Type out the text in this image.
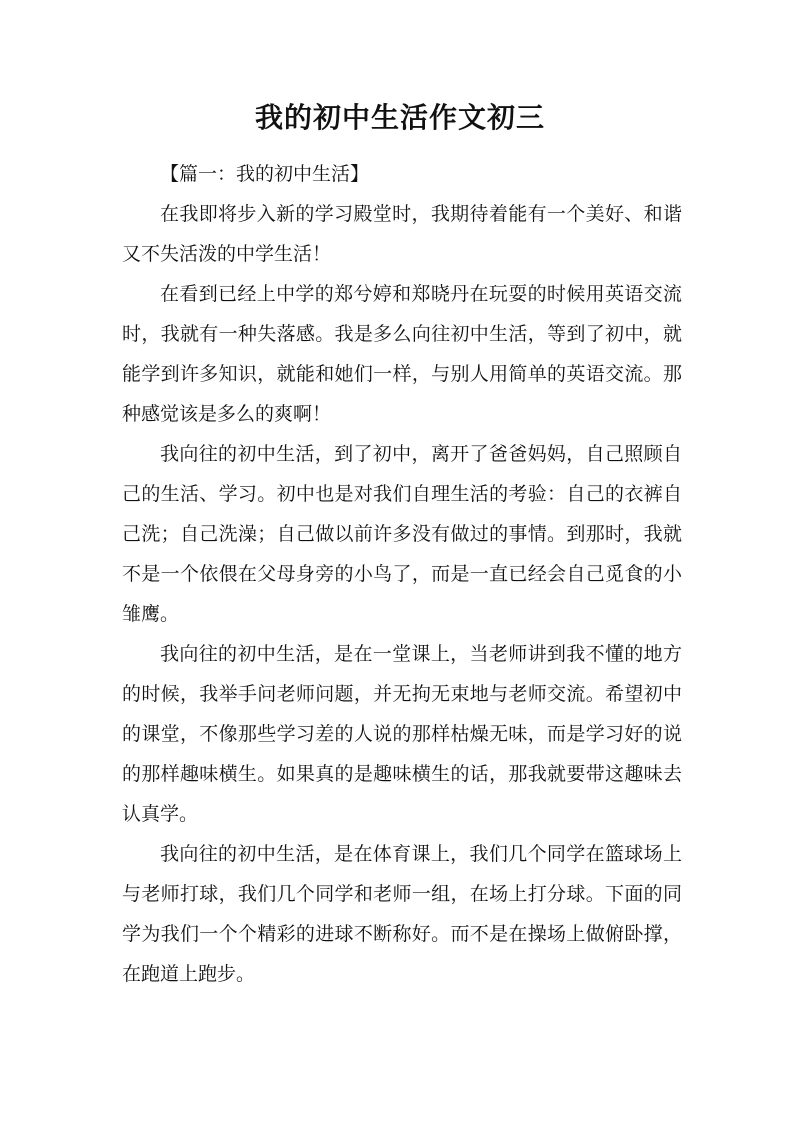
我的初中生活作文初三

【篇一：我的初中生活】

在我即将步入新的学习殿堂时，我期待着能有一个美好、和谐又不失活泼的中学生活！

在看到已经上中学的郑兮婷和郑晓丹在玩耍的时候用英语交流时，我就有一种失落感。我是多么向往初中生活，等到了初中，就能学到许多知识，就能和她们一样，与别人用简单的英语交流。那种感觉该是多么的爽啊！

我向往的初中生活，到了初中，离开了爸爸妈妈，自己照顾自己的生活、学习。初中也是对我们自理生活的考验：自己的衣裤自己洗；自己洗澡；自己做以前许多没有做过的事情。到那时，我就不是一个依偎在父母身旁的小鸟了，而是一直已经会自己觅食的小雏鹰。

我向往的初中生活，是在一堂课上，当老师讲到我不懂的地方的时候，我举手问老师问题，并无拘无束地与老师交流。希望初中的课堂，不像那些学习差的人说的那样枯燥无味，而是学习好的说的那样趣味横生。如果真的是趣味横生的话，那我就要带这趣味去认真学。

我向往的初中生活，是在体育课上，我们几个同学在篮球场上与老师打球，我们几个同学和老师一组，在场上打分球。下面的同学为我们一个个精彩的进球不断称好。而不是在操场上做俯卧撑，在跑道上跑步。
